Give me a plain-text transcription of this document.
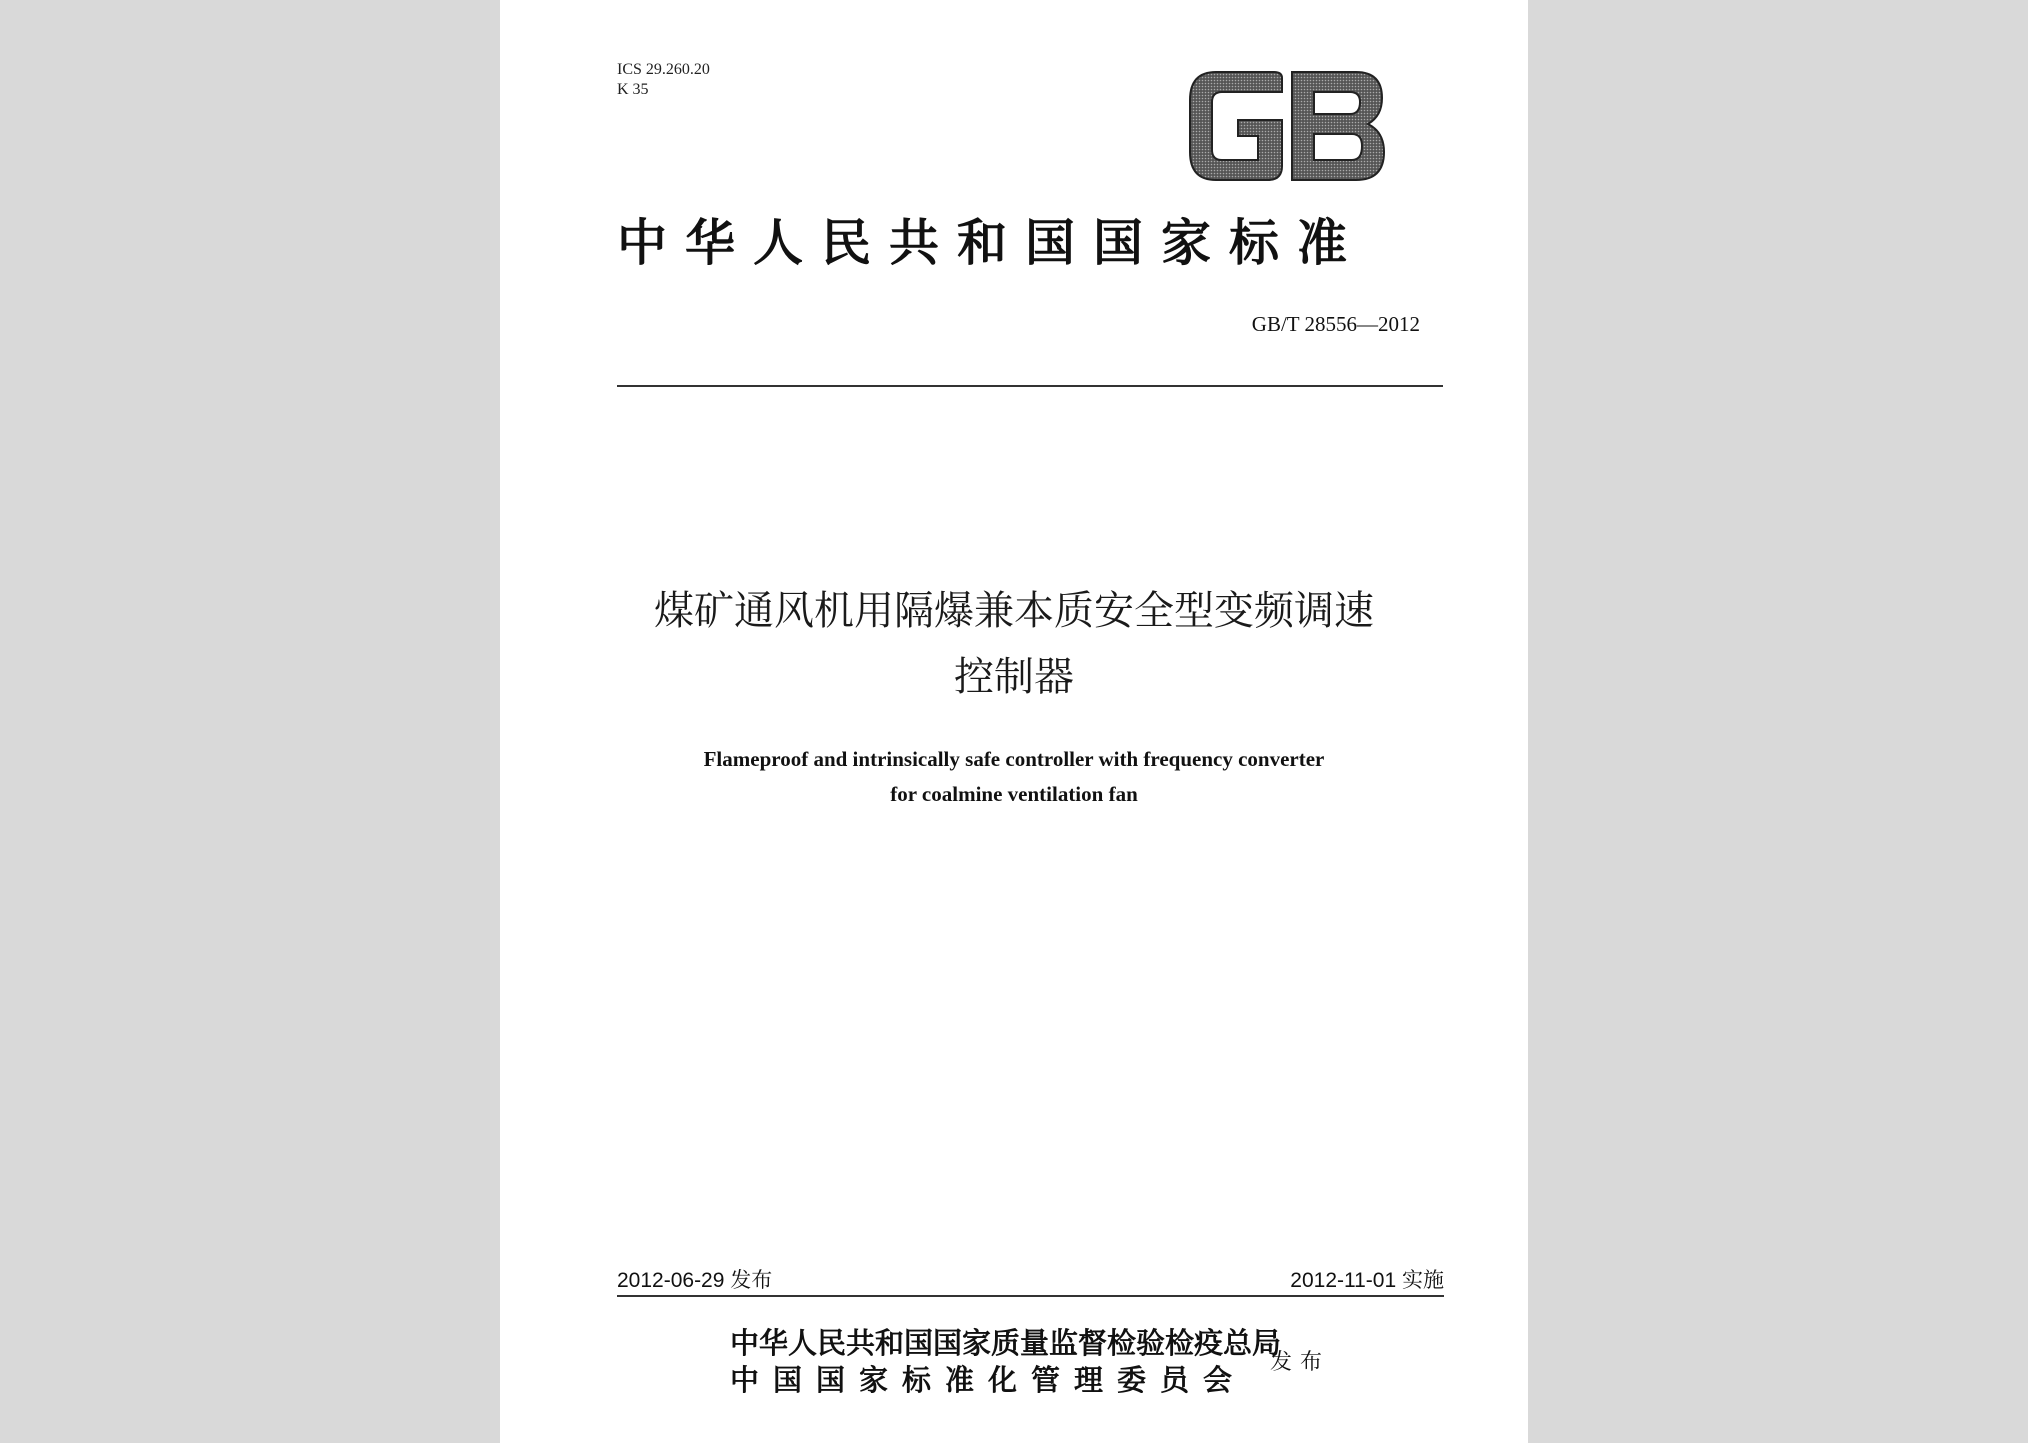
ICS 29.260.20
K 35
中华人民共和国国家标准
GB/T 28556—2012
煤矿通风机用隔爆兼本质安全型变频调速
控制器
Flameproof and intrinsically safe controller with frequency converter
for coalmine ventilation fan
2012-06-29 发布	2012-11-01 实施
中华人民共和国国家质量监督检验检疫总局
中国国家标准化管理委员会
发布
